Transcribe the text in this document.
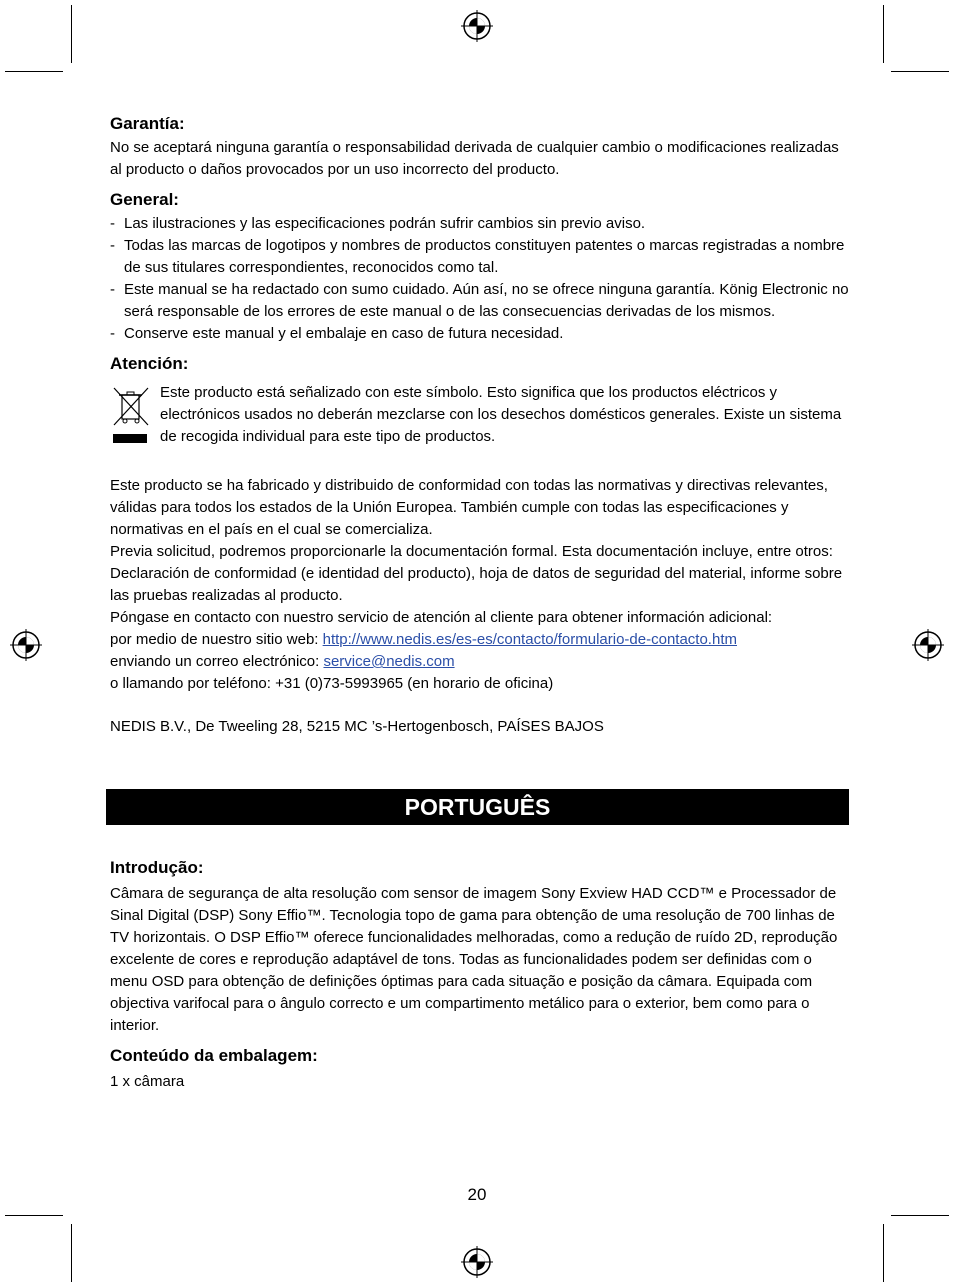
Garantía:

No se aceptará ninguna garantía o responsabilidad derivada de cualquier cambio o modificaciones realizadas al producto o daños provocados por un uso incorrecto del producto.

General:

- Las ilustraciones y las especificaciones podrán sufrir cambios sin previo aviso.
- Todas las marcas de logotipos y nombres de productos constituyen patentes o marcas registradas a nombre de sus titulares correspondientes, reconocidos como tal.
- Este manual se ha redactado con sumo cuidado. Aún así, no se ofrece ninguna garantía. König Electronic no será responsable de los errores de este manual o de las consecuencias derivadas de los mismos.
- Conserve este manual y el embalaje en caso de futura necesidad.

Atención:

Este producto está señalizado con este símbolo. Esto significa que los productos eléctricos y electrónicos usados no deberán mezclarse con los desechos domésticos generales. Existe un sistema de recogida individual para este tipo de productos.

Este producto se ha fabricado y distribuido de conformidad con todas las normativas y directivas relevantes, válidas para todos los estados de la Unión Europea. También cumple con todas las especificaciones y normativas en el país en el cual se comercializa.

Previa solicitud, podremos proporcionarle la documentación formal. Esta documentación incluye, entre otros: Declaración de conformidad (e identidad del producto), hoja de datos de seguridad del material, informe sobre las pruebas realizadas al producto.

Póngase en contacto con nuestro servicio de atención al cliente para obtener información adicional:

por medio de nuestro sitio web: http://www.nedis.es/es-es/contacto/formulario-de-contacto.htm

enviando un correo electrónico: service@nedis.com

o llamando por teléfono: +31 (0)73-5993965 (en horario de oficina)

NEDIS B.V., De Tweeling 28, 5215 MC ’s-Hertogenbosch, PAÍSES BAJOS

PORTUGUÊS

Introdução:

Câmara de segurança de alta resolução com sensor de imagem Sony Exview HAD CCD™ e Processador de Sinal Digital (DSP) Sony Effio™. Tecnologia topo de gama para obtenção de uma resolução de 700 linhas de TV horizontais. O DSP Effio™ oferece funcionalidades melhoradas, como a redução de ruído 2D, reprodução excelente de cores e reprodução adaptável de tons. Todas as funcionalidades podem ser definidas com o menu OSD para obtenção de definições óptimas para cada situação e posição da câmara. Equipada com objectiva varifocal para o ângulo correcto e um compartimento metálico para o exterior, bem como para o interior.

Conteúdo da embalagem:

1 x câmara

20
